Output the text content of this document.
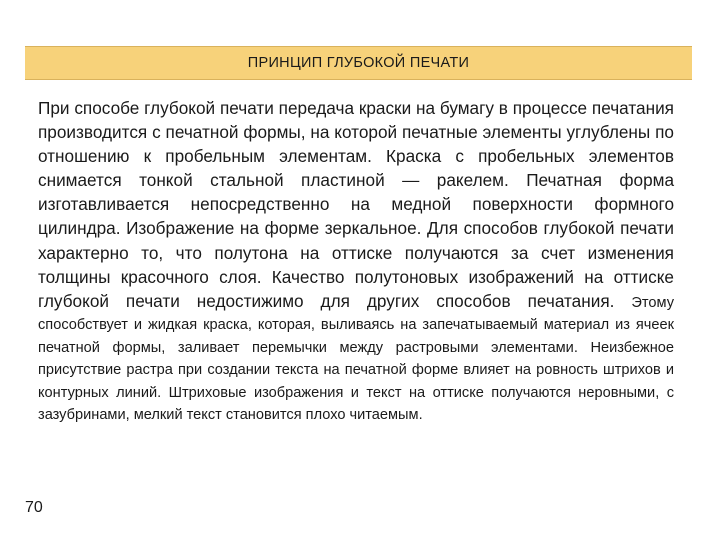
ПРИНЦИП ГЛУБОКОЙ ПЕЧАТИ
При способе глубокой печати передача краски на бумагу в процессе печатания производится с печатной формы, на которой печатные элементы углублены по отношению к пробельным элементам. Краска с пробельных элементов снимается тонкой стальной пластиной — ракелем. Печатная форма изготавливается непосредственно на медной поверхности формного цилиндра. Изображение на форме зеркальное. Для способов глубокой печати характерно то, что полутона на оттиске получаются за счет изменения толщины красочного слоя. Качество полутоновых изображений на оттиске глубокой печати недостижимо для других способов печатания. Этому способствует и жидкая краска, которая, выливаясь на запечатываемый материал из ячеек печатной формы, заливает перемычки между растровыми элементами. Неизбежное присутствие растра при создании текста на печатной форме влияет на ровность штрихов и контурных линий. Штриховые изображения и текст на оттиске получаются неровными, с зазубринами, мелкий текст становится плохо читаемым.
70
